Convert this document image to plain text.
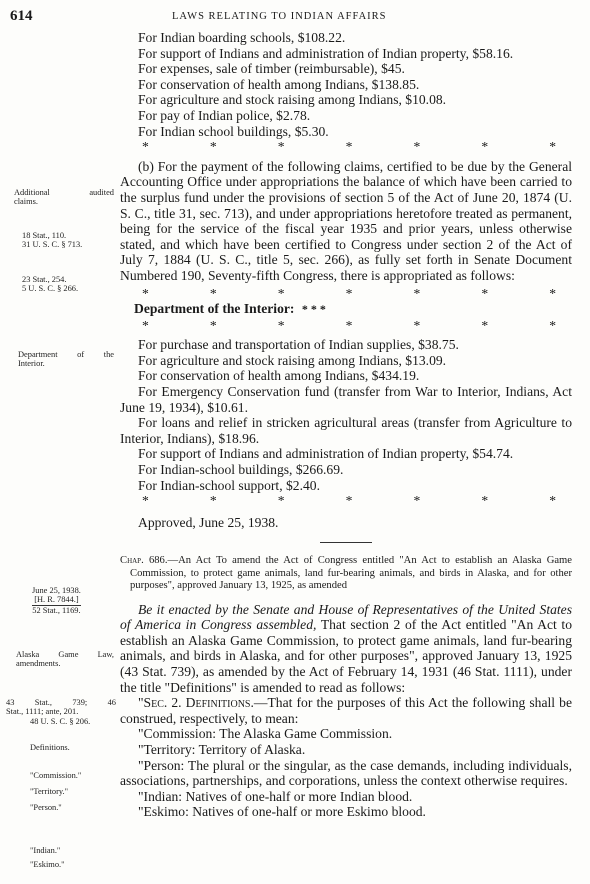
614	LAWS RELATING TO INDIAN AFFAIRS
Additional audited
claims.
18 Stat., 110.
31 U. S. C. § 713.
23 Stat., 254.
5 U. S. C. § 266.
Department of the
Interior.
June 25, 1938.
[H. R. 7844.]
52 Stat., 1169.
Alaska Game Law,
amendments.
43 Stat., 739; 46
Stat., 1111; ante, 201.
48 U. S. C. § 206.
Definitions.
"Commission."
"Territory."
"Person."
"Indian."
"Eskimo."

For Indian boarding schools, $108.22.

For support of Indians and administration of Indian property, $58.16.

For expenses, sale of timber (reimbursable), $45.

For conservation of health among Indians, $138.85.

For agriculture and stock raising among Indians, $10.08.

For pay of Indian police, $2.78.

For Indian school buildings, $5.30.

* * * * * * *

(b) For the payment of the following claims, certified to be due by the General Accounting Office under appropriations the balance of which have been carried to the surplus fund under the provisions of section 5 of the Act of June 20, 1874 (U. S. C., title 31, sec. 713), and under appropriations heretofore treated as permanent, being for the service of the fiscal year 1935 and prior years, unless otherwise stated, and which have been certified to Congress under section 2 of the Act of July 7, 1884 (U. S. C., title 5, sec. 266), as fully set forth in Senate Document Numbered 190, Seventy-fifth Congress, there is appropriated as follows:

* * * * * * *

Department of the Interior: * * *

* * * * * * *

For purchase and transportation of Indian supplies, $38.75.

For agriculture and stock raising among Indians, $13.09.

For conservation of health among Indians, $434.19.

For Emergency Conservation fund (transfer from War to Interior, Indians, Act June 19, 1934), $10.61.

For loans and relief in stricken agricultural areas (transfer from Agriculture to Interior, Indians), $18.96.

For support of Indians and administration of Indian property, $54.74.

For Indian-school buildings, $266.69.

For Indian-school support, $2.40.

* * * * * * *

Approved, June 25, 1938.

Chap. 686.—An Act To amend the Act of Congress entitled "An Act to establish an Alaska Game Commission, to protect game animals, land fur-bearing animals, and birds in Alaska, and for other purposes", approved January 13, 1925, as amended

Be it enacted by the Senate and House of Representatives of the United States of America in Congress assembled, That section 2 of the Act entitled "An Act to establish an Alaska Game Commission, to protect game animals, land fur-bearing animals, and birds in Alaska, and for other purposes", approved January 13, 1925 (43 Stat. 739), as amended by the Act of February 14, 1931 (46 Stat. 1111), under the title "Definitions" is amended to read as follows:

"Sec. 2. Definitions.—That for the purposes of this Act the following shall be construed, respectively, to mean:

"Commission: The Alaska Game Commission.

"Territory: Territory of Alaska.

"Person: The plural or the singular, as the case demands, including individuals, associations, partnerships, and corporations, unless the context otherwise requires.

"Indian: Natives of one-half or more Indian blood.

"Eskimo: Natives of one-half or more Eskimo blood.
